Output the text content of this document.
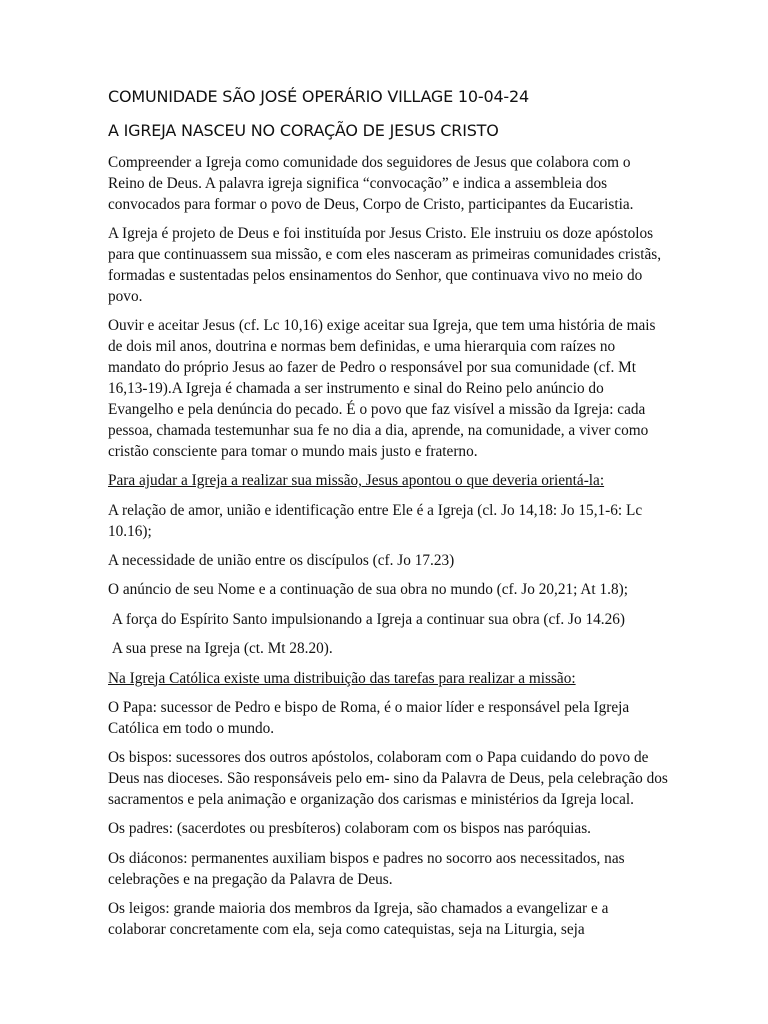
COMUNIDADE SÃO JOSÉ OPERÁRIO VILLAGE 10-04-24
A IGREJA NASCEU NO CORAÇÃO DE JESUS CRISTO

Compreender a Igreja como comunidade dos seguidores de Jesus que colabora com o Reino de Deus. A palavra igreja significa “convocação” e indica a assembleia dos convocados para formar o povo de Deus, Corpo de Cristo, participantes da Eucaristia.

A Igreja é projeto de Deus e foi instituída por Jesus Cristo. Ele instruiu os doze apóstolos para que continuassem sua missão, e com eles nasceram as primeiras comunidades cristãs, formadas e sustentadas pelos ensinamentos do Senhor, que continuava vivo no meio do povo.

Ouvir e aceitar Jesus (cf. Lc 10,16) exige aceitar sua Igreja, que tem uma história de mais de dois mil anos, doutrina e normas bem definidas, e uma hierarquia com raízes no mandato do próprio Jesus ao fazer de Pedro o responsável por sua comunidade (cf. Mt 16,13-19).A Igreja é chamada a ser instrumento e sinal do Reino pelo anúncio do Evangelho e pela denúncia do pecado. É o povo que faz visível a missão da Igreja: cada pessoa, chamada testemunhar sua fe no dia a dia, aprende, na comunidade, a viver como cristão consciente para tomar o mundo mais justo e fraterno.

Para ajudar a Igreja a realizar sua missão, Jesus apontou o que deveria orientá-la:

A relação de amor, união e identificação entre Ele é a Igreja (cl. Jo 14,18: Jo 15,1-6: Lc 10.16);

A necessidade de união entre os discípulos (cf. Jo 17.23)

O anúncio de seu Nome e a continuação de sua obra no mundo (cf. Jo 20,21; At 1.8);

A força do Espírito Santo impulsionando a Igreja a continuar sua obra (cf. Jo 14.26)

A sua prese na Igreja (ct. Mt 28.20).

Na Igreja Católica existe uma distribuição das tarefas para realizar a missão:

O Papa: sucessor de Pedro e bispo de Roma, é o maior líder e responsável pela Igreja Católica em todo o mundo.

Os bispos: sucessores dos outros apóstolos, colaboram com o Papa cuidando do povo de Deus nas dioceses. São responsáveis pelo em- sino da Palavra de Deus, pela celebração dos sacramentos e pela animação e organização dos carismas e ministérios da Igreja local.

Os padres: (sacerdotes ou presbíteros) colaboram com os bispos nas paróquias.

Os diáconos: permanentes auxiliam bispos e padres no socorro aos necessitados, nas celebrações e na pregação da Palavra de Deus.

Os leigos: grande maioria dos membros da Igreja, são chamados a evangelizar e a colaborar concretamente com ela, seja como catequistas, seja na Liturgia, seja
